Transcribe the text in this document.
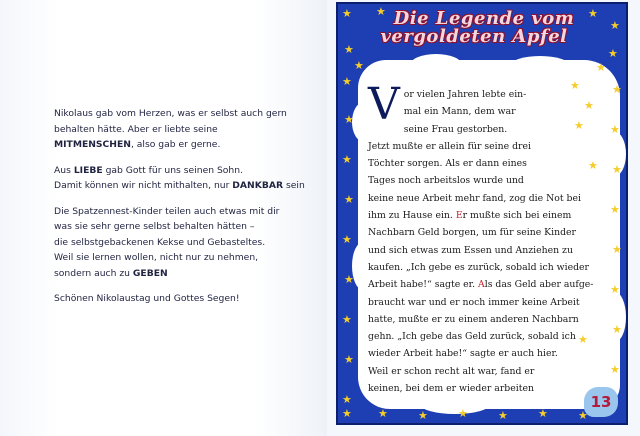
Nikolaus gab vom Herzen, was er selbst auch gern
behalten hätte. Aber er liebte seine
MITMENSCHEN, also gab er gerne.

Aus LIEBE gab Gott für uns seinen Sohn.
Damit können wir nicht mithalten, nur DANKBAR sein

Die Spatzennest-Kinder teilen auch etwas mit dir
was sie sehr gerne selbst behalten hätten –
die selbstgebackenen Kekse und Gebasteltes.
Weil sie lernen wollen, nicht nur zu nehmen,
sondern auch zu GEBEN

Schönen Nikolaustag und Gottes Segen!

Die Legende vom
vergoldeten Apfel
V or vielen Jahren lebte ein-
mal ein Mann, dem war
seine Frau gestorben.
Jetzt mußte er allein für seine drei
Töchter sorgen. Als er dann eines
Tages noch arbeitslos wurde und
keine neue Arbeit mehr fand, zog die Not bei
ihm zu Hause ein. Er mußte sich bei einem
Nachbarn Geld borgen, um für seine Kinder
und sich etwas zum Essen und Anziehen zu
kaufen. „Ich gebe es zurück, sobald ich wieder
Arbeit habe!“ sagte er. Als das Geld aber aufge-
braucht war und er noch immer keine Arbeit
hatte, mußte er zu einem anderen Nachbarn
gehn. „Ich gebe das Geld zurück, sobald ich
wieder Arbeit habe!“ sagte er auch hier.
Weil er schon recht alt war, fand er
keinen, bei dem er wieder arbeiten
13
★ ★	★
★
★	★
★
★
★
★
★
★
★
★
★
★
★
★
★
★
★
★
★
★	★	★	★	★	★
★
★	★
★
★
★
★
★
